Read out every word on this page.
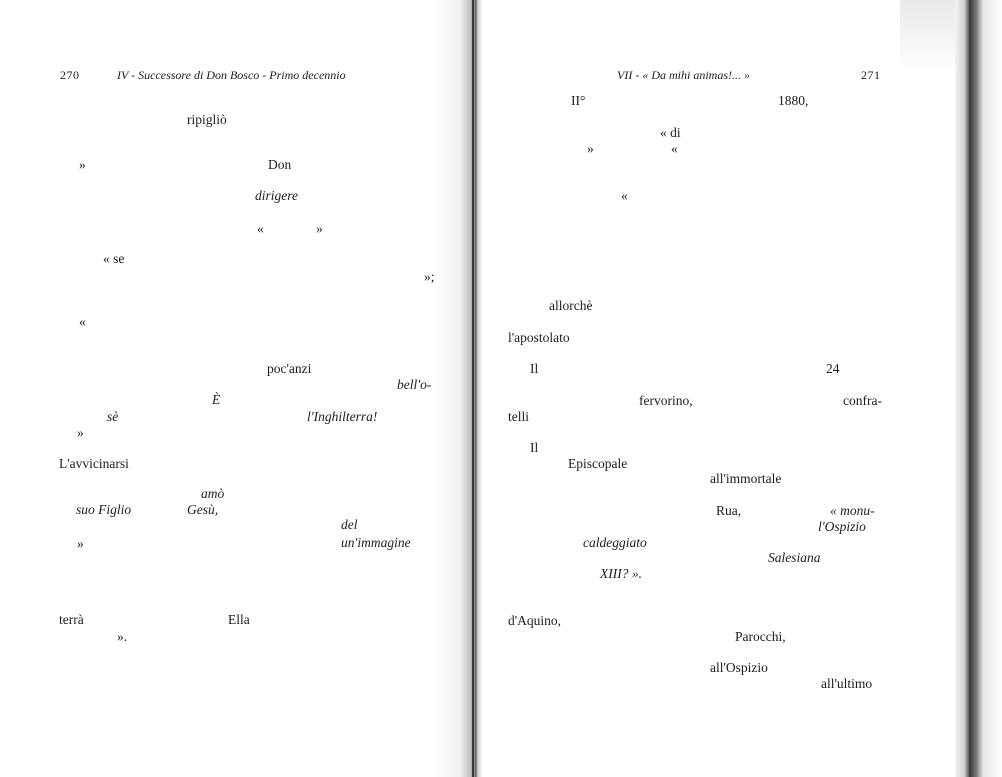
270	IV - Successore di Don Bosco - Primo decennio
ripigliò
»	Don
dirigere
«	»
« se
»;
«
poc'anzi
bell'o-
È
sè	l'Inghilterra!
»
L'avvicinarsi
amò
suo Figlio	Gesù,
del
»	un'immagine
terrà	Ella
».
VII - « Da mihi animas!... »	271
II°	1880,
« di
»	«
«
allorchè
l'apostolato
Il	24
fervorino,	confra-
telli
Il
Episcopale
all'immortale
Rua,	« monu-
l'Ospizio
caldeggiato
Salesiana
XIII? ».
d'Aquino,
Parocchi,
all'Ospizio
all'ultimo
